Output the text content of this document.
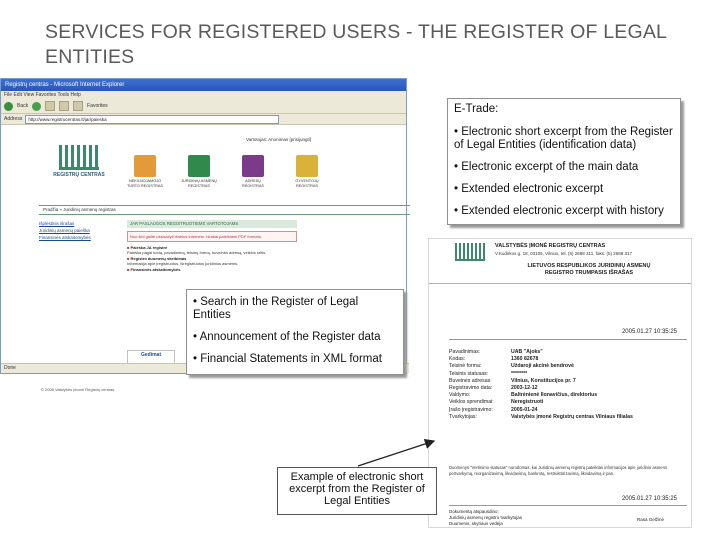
SERVICES FOR REGISTERED USERS - THE REGISTER OF LEGAL ENTITIES
Registrų centras - Microsoft Internet Explorer
File Edit View Favorites Tools Help
Back	Favorites
Address	http://www.registrucentras.lt/jar/paieska
REGISTRŲ CENTRAS
Vartotojas: Anonimas [prisijungti]
NEKILNOJAMOJO TURTO REGISTRAS
JURIDINIŲ ASMENŲ REGISTRAS
ADRESŲ REGISTRAS
GYVENTOJŲ REGISTRAS
Pradžia » Juridinių asmenų registras
Išplėstinis išrašas
Juridinių asmenų paieška
Finansinės atskaitomybės
JAR PASLAUGOS REGISTRUOTIEMS VARTOTOJAMS
Nuo šiol galite užsisakyti išrašus internetu. Išrašai pateikiami PDF formatu.
■ Paieška JA registre
Paieška pagal kodą, pavadinimą, teisinę formą, buveinės adresą, veiklos sritis.
■ Registro duomenų skelbimas
Informacija apie įregistruotus, išregistruotus juridinius asmenis.
■ Finansinės atskaitomybės
Gedimat
© 2005 Valstybės įmonė Registrų centras
Done
VALSTYBĖS ĮMONĖ REGISTRŲ CENTRAS
V.Kudirkos g. 18, 03105, Vilnius, tel. (5) 2688 311, faks. (5) 2688 317
LIETUVOS RESPUBLIKOS JURIDINIŲ ASMENŲ REGISTRO TRUMPASIS IŠRAŠAS
2005.01.27 10:35:25
Pavadinimas:	UAB "Ajoks"
Kodas:	1360 82678
Teisinė forma:	Uždaroji akcinė bendrovė
Teisinis statusas:	********
Buveinės adresas:	Vilnius, Konstitucijos pr. 7
Registravimo data:	2003-12-12
Valdymo:	Baltrėnienė Ilonavičius, direktorius
Veiklos sprendimai:	Neregistruoti
Įrašo įregistravimo:	2005-01-24
Tvarkytojas:	Valstybės įmonė Registrų centras Vilniaus filialas
Duomenys "Vertinimo statusas" nurodomas, kai Juridinių asmenų registrą pateiktas informacijos apie juridinio asmens pertvarkymą, reorganizavimą, likvidavimą, bankrotą, restruktūrizavimą, likvidavimą ir pan.
2005.01.27 10:35:25
Dokumentą atspausdino:
Juridinių asmenų registro tvarkytojas
Duomenis, skyriaus vedėja
Rasa Gelžinė
E-Trade:

• Electronic short excerpt from the Register of Legal Entities (identification data)

• Electronic excerpt of the main data

• Extended electronic excerpt

• Extended electronic excerpt with history

• Search in the Register of Legal Entities

• Announcement of the Register data

• Financial Statements in XML format

Example of electronic short excerpt from the Register of Legal Entities
